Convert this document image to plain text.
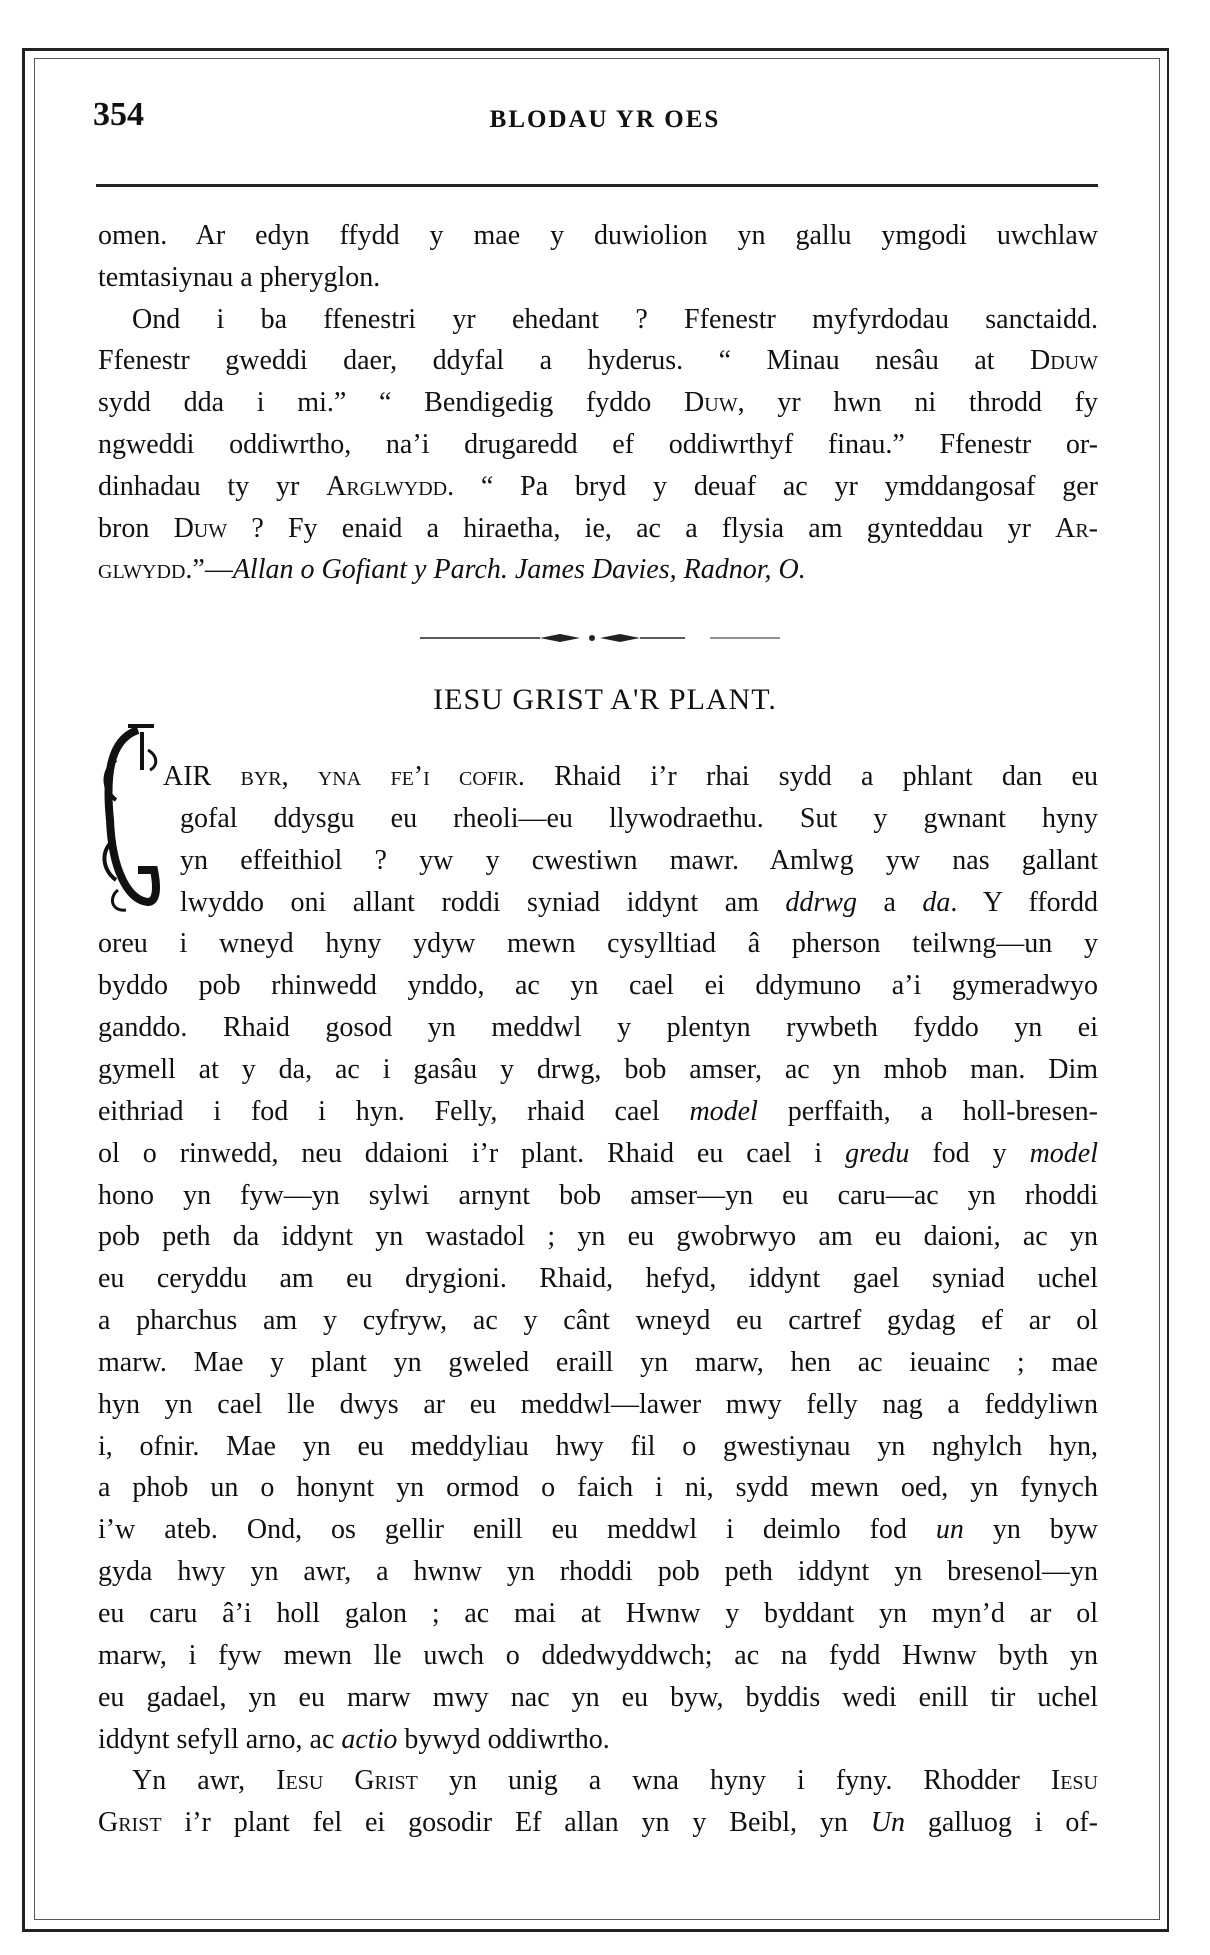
354	BLODAU YR OES
omen. Ar edyn ffydd y mae y duwiolion yn gallu ymgodi uwchlaw
temtasiynau a pheryglon.
Ond i ba ffenestri yr ehedant ? Ffenestr myfyrdodau sanctaidd.
Ffenestr gweddi daer, ddyfal a hyderus. “ Minau nesâu at Dduw
sydd dda i mi.” “ Bendigedig fyddo Duw, yr hwn ni throdd fy
ngweddi oddiwrtho, na’i drugaredd ef oddiwrthyf finau.” Ffenestr or-
dinhadau ty yr Arglwydd. “ Pa bryd y deuaf ac yr ymddangosaf ger
bron Duw ? Fy enaid a hiraetha, ie, ac a flysia am gynteddau yr Ar-
glwydd.”—Allan o Gofiant y Parch. James Davies, Radnor, O.
IESU GRIST A'R PLANT.
AIR byr, yna fe’i cofir. Rhaid i’r rhai sydd a phlant dan eu
gofal ddysgu eu rheoli—eu llywodraethu. Sut y gwnant hyny
yn effeithiol ? yw y cwestiwn mawr. Amlwg yw nas gallant
lwyddo oni allant roddi syniad iddynt am ddrwg a da. Y ffordd
oreu i wneyd hyny ydyw mewn cysylltiad â pherson teilwng—un y
byddo pob rhinwedd ynddo, ac yn cael ei ddymuno a’i gymeradwyo
ganddo. Rhaid gosod yn meddwl y plentyn rywbeth fyddo yn ei
gymell at y da, ac i gasâu y drwg, bob amser, ac yn mhob man. Dim
eithriad i fod i hyn. Felly, rhaid cael model perffaith, a holl-bresen-
ol o rinwedd, neu ddaioni i’r plant. Rhaid eu cael i gredu fod y model
hono yn fyw—yn sylwi arnynt bob amser—yn eu caru—ac yn rhoddi
pob peth da iddynt yn wastadol ; yn eu gwobrwyo am eu daioni, ac yn
eu ceryddu am eu drygioni. Rhaid, hefyd, iddynt gael syniad uchel
a pharchus am y cyfryw, ac y cânt wneyd eu cartref gydag ef ar ol
marw. Mae y plant yn gweled eraill yn marw, hen ac ieuainc ; mae
hyn yn cael lle dwys ar eu meddwl—lawer mwy felly nag a feddyliwn
i, ofnir. Mae yn eu meddyliau hwy fil o gwestiynau yn nghylch hyn,
a phob un o honynt yn ormod o faich i ni, sydd mewn oed, yn fynych
i’w ateb. Ond, os gellir enill eu meddwl i deimlo fod un yn byw
gyda hwy yn awr, a hwnw yn rhoddi pob peth iddynt yn bresenol—yn
eu caru â’i holl galon ; ac mai at Hwnw y byddant yn myn’d ar ol
marw, i fyw mewn lle uwch o ddedwyddwch; ac na fydd Hwnw byth yn
eu gadael, yn eu marw mwy nac yn eu byw, byddis wedi enill tir uchel
iddynt sefyll arno, ac actio bywyd oddiwrtho.
Yn awr, Iesu Grist yn unig a wna hyny i fyny. Rhodder Iesu
Grist i’r plant fel ei gosodir Ef allan yn y Beibl, yn Un galluog i of-
